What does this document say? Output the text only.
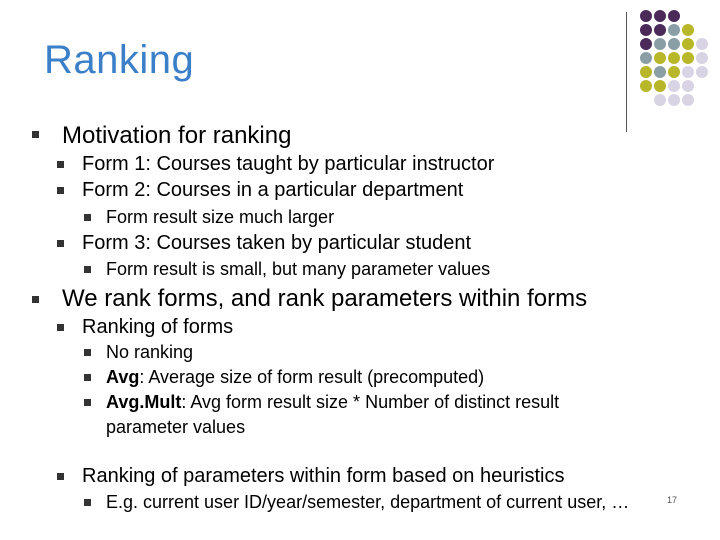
Ranking
Motivation for ranking
Form 1: Courses taught by particular instructor
Form 2: Courses in a particular department
Form result size much larger
Form 3: Courses taken by particular student
Form result is small, but many parameter values
We rank forms, and rank parameters within forms
Ranking of forms
No ranking
Avg: Average size of form result (precomputed)
Avg.Mult: Avg form result size * Number of distinct result
parameter values
Ranking of parameters within form based on heuristics
E.g. current user ID/year/semester, department of current user, …	17
